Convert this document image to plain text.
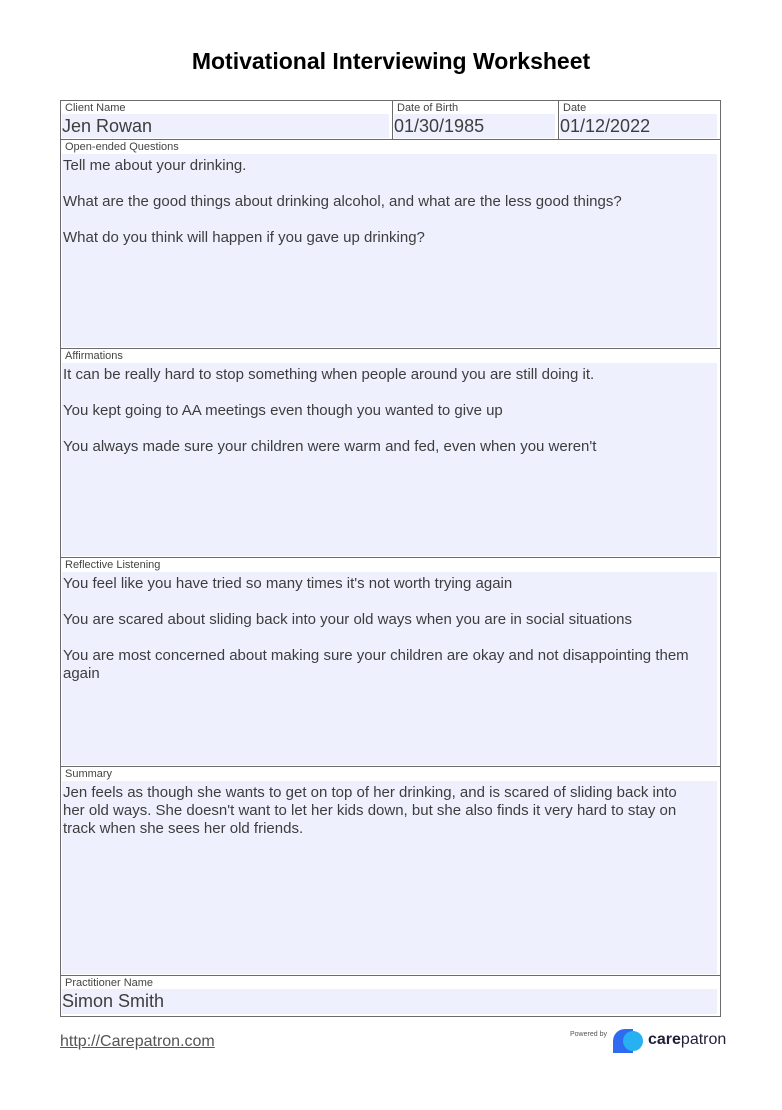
Motivational Interviewing Worksheet
Client Name
Jen Rowan
Date of Birth
01/30/1985
Date
01/12/2022
Open-ended Questions

Tell me about your drinking.

What are the good things about drinking alcohol, and what are the less good things?

What do you think will happen if you gave up drinking?

Affirmations

It can be really hard to stop something when people around you are still doing it.

You kept going to AA meetings even though you wanted to give up

You always made sure your children were warm and fed, even when you weren't

Reflective Listening

You feel like you have tried so many times it's not worth trying again

You are scared about sliding back into your old ways when you are in social situations

You are most concerned about making sure your children are okay and not disappointing them again

Summary

Jen feels as though she wants to get on top of her drinking, and is scared of sliding back into her old ways. She doesn't want to let her kids down, but she also finds it very hard to stay on track when she sees her old friends.

Practitioner Name
Simon Smith
http://Carepatron.com	Powered by	carepatron
